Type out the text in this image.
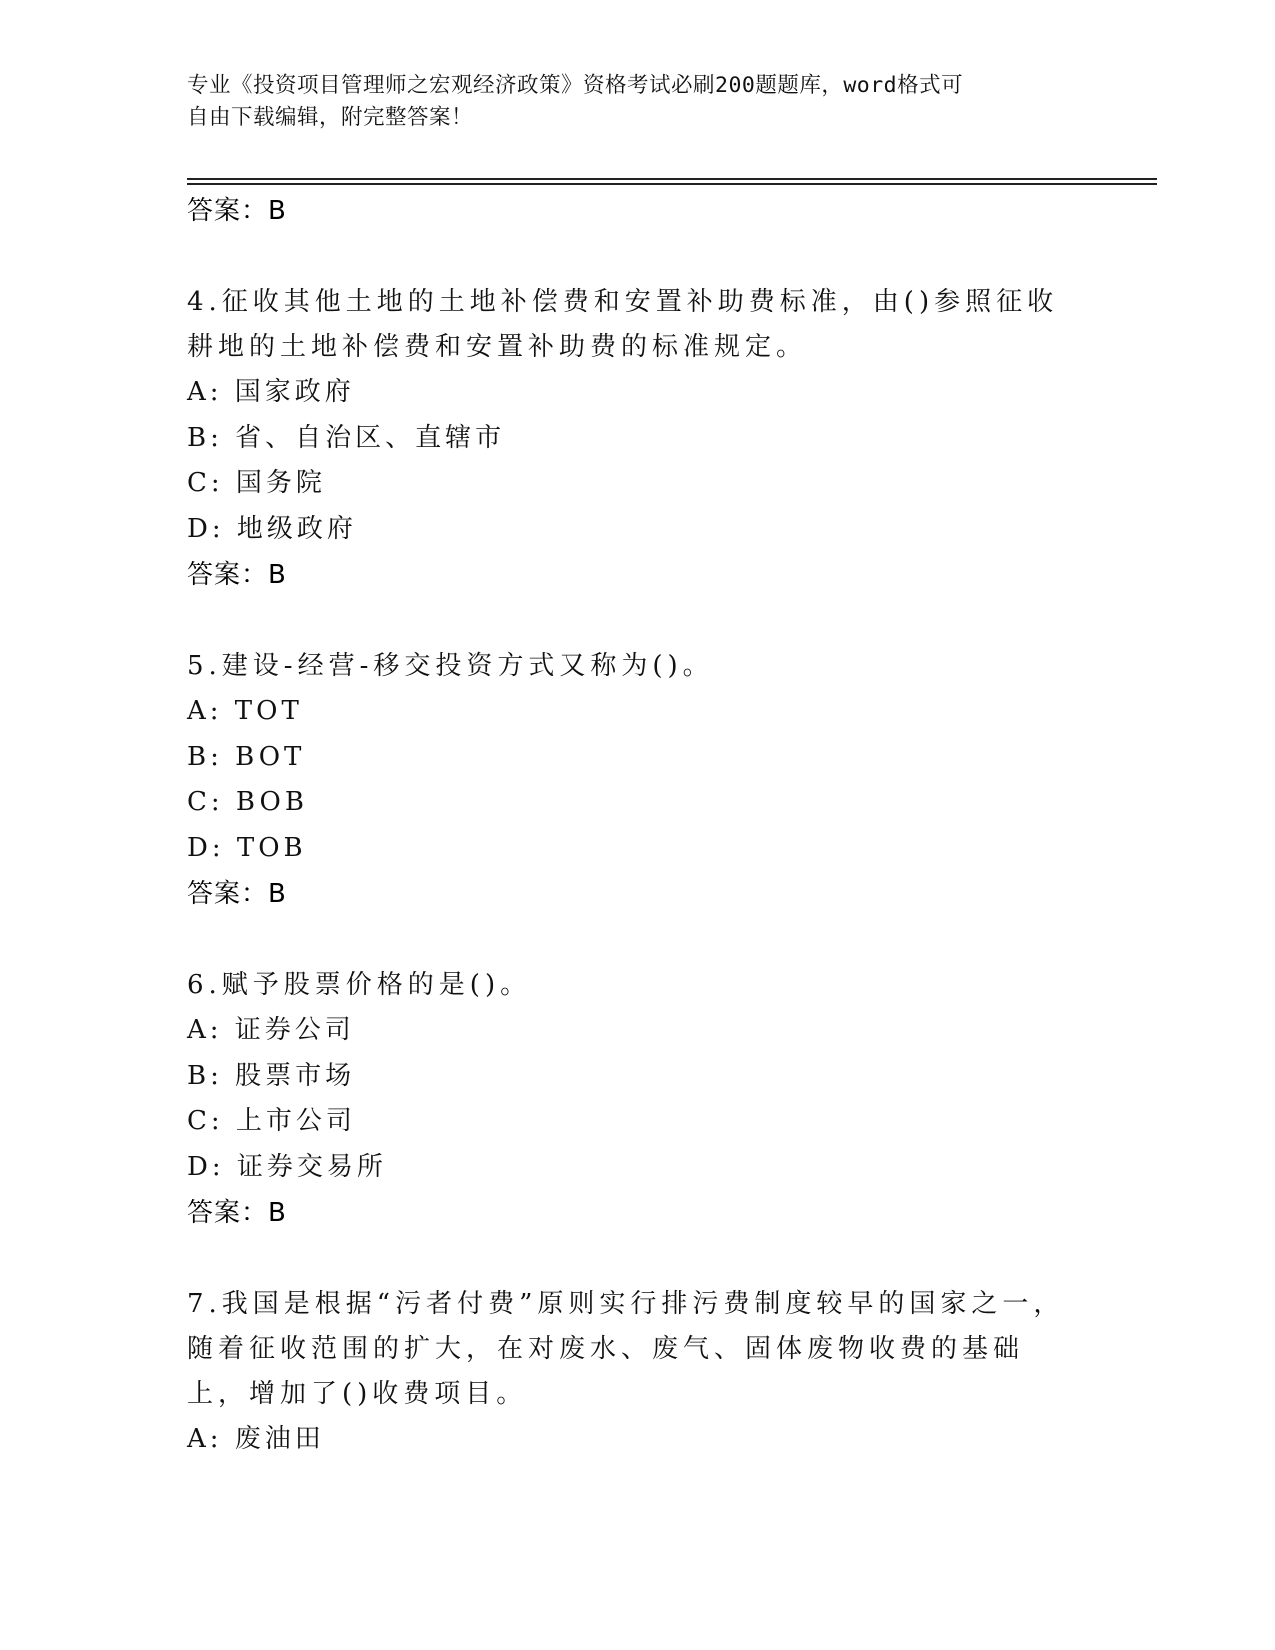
专业《投资项目管理师之宏观经济政策》资格考试必刷200题题库，word格式可
自由下载编辑，附完整答案！
答案：B
4.征收其他土地的土地补偿费和安置补助费标准，由()参照征收耕地的土地补偿费和安置补助费的标准规定。
A: 国家政府
B: 省、自治区、直辖市
C: 国务院
D: 地级政府
答案：B
5.建设-经营-移交投资方式又称为()。
A: TOT
B: BOT
C: BOB
D: TOB
答案：B
6.赋予股票价格的是()。
A: 证券公司
B: 股票市场
C: 上市公司
D: 证券交易所
答案：B
7.我国是根据“污者付费”原则实行排污费制度较早的国家之一，随着征收范围的扩大，在对废水、废气、固体废物收费的基础上，增加了()收费项目。
A: 废油田
